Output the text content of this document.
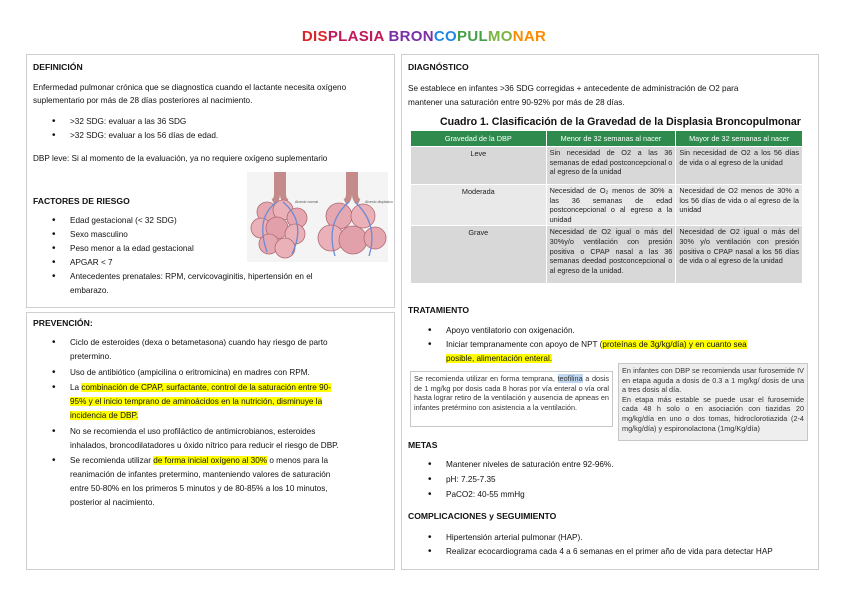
DISPLASIA BRONCOPULMONAR
DEFINICIÓN
Enfermedad pulmonar crónica que se diagnostica cuando el lactante necesita oxígeno
suplementario por más de 28 días posteriores al nacimiento.
• >32 SDG: evaluar a las 36 SDG
• >32 SDG: evaluar a los 56 días de edad.
DBP leve: Si al momento de la evaluación, ya no requiere oxígeno suplementario
FACTORES DE RIESGO
• Edad gestacional (< 32 SDG)
• Sexo masculino
• Peso menor a la edad gestacional
• APGAR < 7
• Antecedentes prenatales: RPM, cervicovaginitis, hipertensión en el
embarazo.
Alveolo normal	Alveolo displasico
PREVENCIÓN:
• Ciclo de esteroides (dexa o betametasona) cuando hay riesgo de parto
pretermino.
• Uso de antibiótico (ampicilina o eritromicina) en madres con RPM.
• La combinación de CPAP, surfactante, control de la saturación entre 90-
95% y el inicio temprano de aminoácidos en la nutrición, disminuye la
incidencia de DBP.
• No se recomienda el uso profiláctico de antimicrobianos, esteroides
inhalados, broncodilatadores u óxido nítrico para reducir el riesgo de DBP.
• Se recomienda utilizar de forma inicial oxígeno al 30% o menos para la
reanimación de infantes pretermino, manteniendo valores de saturación
entre 50-80% en los primeros 5 minutos y de 80-85% a los 10 minutos,
posterior al nacimiento.
DIAGNÓSTICO
Se establece en infantes >36 SDG corregidas + antecedente de administración de O2 para
mantener una saturación entre 90-92% por más de 28 días.
Cuadro 1. Clasificación de la Gravedad de la Displasia Broncopulmonar
Gravedad de la DBP	Menor de 32 semanas al nacer	Mayor de 32 semanas al nacer
Leve	Sin necesidad de O2 a las 36 semanas de edad postconcepcional o al egreso de la unidad	Sin necesidad de O2 a los 56 días de vida o al egreso de la unidad
Moderada	Necesidad de O₂ menos de 30% a las 36 semanas de edad postconcepcional o al egreso a la unidad	Necesidad de O2 menos de 30% a los 56 días de vida o al egreso de la unidad
Grave	Necesidad de O2 igual o más del 30%y/o ventilación con presión positiva o CPAP nasal a las 36 semanas deedad postconcepcional o al egreso de la unidad.	Necesidad de O2 igual o más del 30% y/o ventilación con presión positiva o CPAP nasal a los 56 días de vida o al egreso de la unidad
TRATAMIENTO
• Apoyo ventilatorio con oxigenación.
• Iniciar tempranamente con apoyo de NPT (proteínas de 3g/kg/día) y en cuanto sea
posible, alimentación enteral.
Se recomienda utilizar en forma temprana, teofilina a dosis de 1 mg/kg por dosis cada 8 horas por vía enteral o vía oral hasta lograr retiro de la ventilación y ausencia de apneas en infantes pretérmino con asistencia a la ventilación.
En infantes con DBP se recomienda usar furosemide IV en etapa aguda a dosis de 0.3 a 1 mg/kg/ dosis de una a tres dosis al día.
En etapa más estable se puede usar el furosemide cada 48 h solo o en asociación con tiazidas 20 mg/kg/día en uno o dos tomas, hidroclorotiazida (2-4 mg/kg/día) y espironolactona (1mg/Kg/día)
METAS
• Mantener niveles de saturación entre 92-96%.
• pH: 7.25-7.35
• PaCO2: 40-55 mmHg
COMPLICACIONES y SEGUIMIENTO
• Hipertensión arterial pulmonar (HAP).
• Realizar ecocardiograma cada 4 a 6 semanas en el primer año de vida para detectar HAP
